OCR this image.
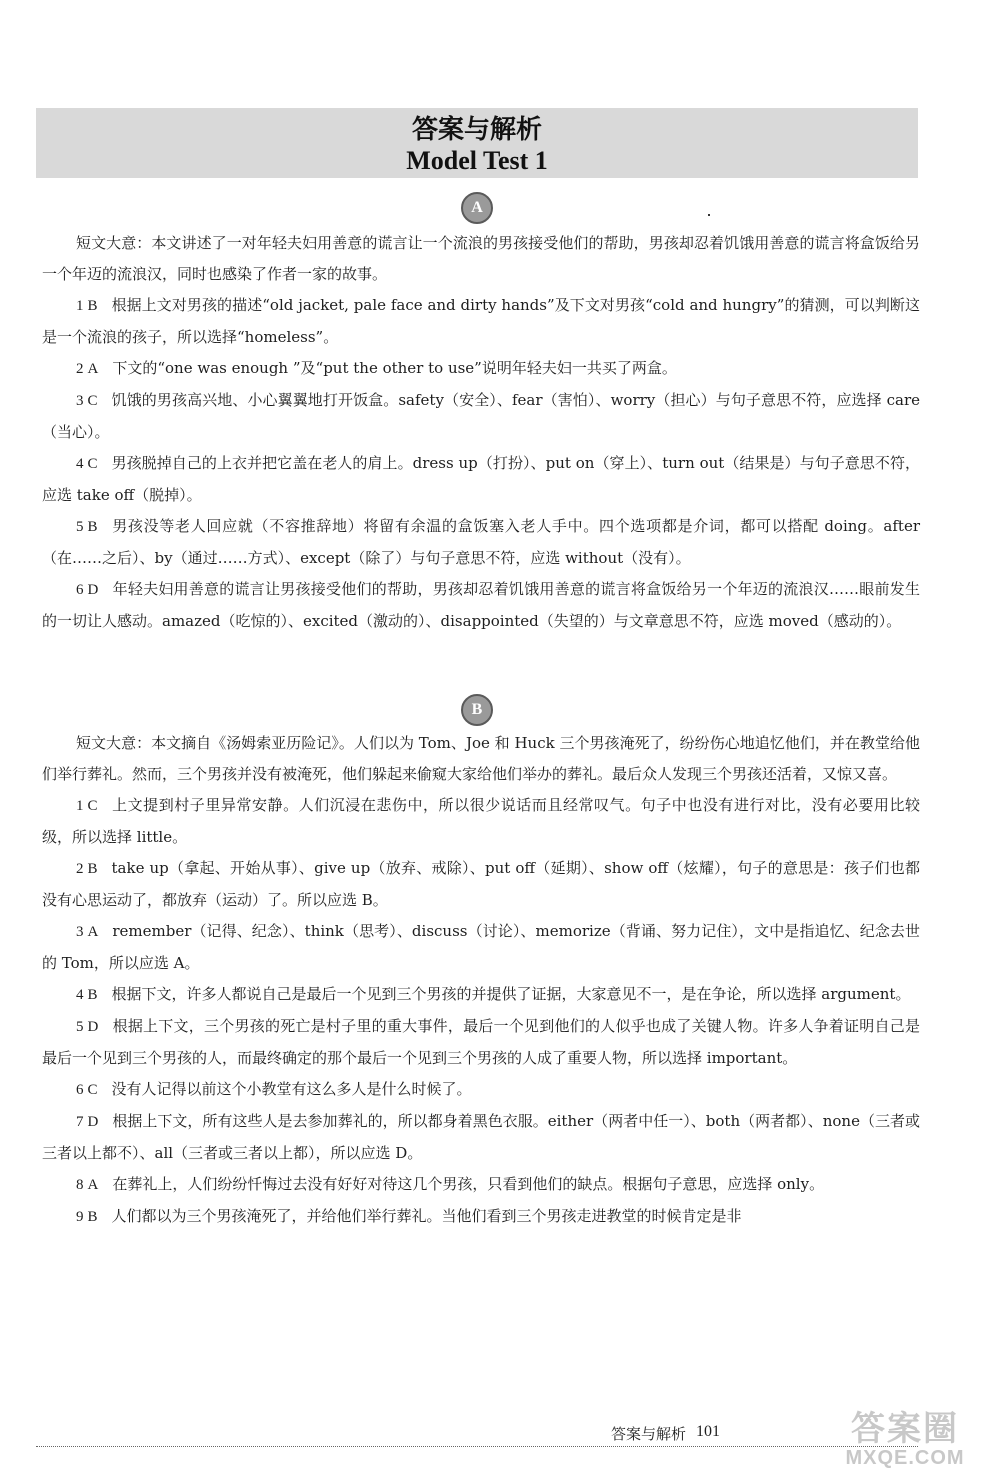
答案与解析
Model Test 1
A

短文大意：本文讲述了一对年轻夫妇用善意的谎言让一个流浪的男孩接受他们的帮助，男孩却忍着饥饿用善意的谎言将盒饭给另一个年迈的流浪汉，同时也感染了作者一家的故事。

1 B 根据上文对男孩的描述“old jacket, pale face and dirty hands”及下文对男孩“cold and hungry”的猜测，可以判断这是一个流浪的孩子，所以选择“homeless”。

2 A 下文的“one was enough ”及“put the other to use”说明年轻夫妇一共买了两盒。

3 C 饥饿的男孩高兴地、小心翼翼地打开饭盒。safety（安全）、fear（害怕）、worry（担心）与句子意思不符，应选择 care（当心）。

4 C 男孩脱掉自己的上衣并把它盖在老人的肩上。dress up（打扮）、put on（穿上）、turn out（结果是）与句子意思不符，应选 take off（脱掉）。

5 B 男孩没等老人回应就（不容推辞地）将留有余温的盒饭塞入老人手中。四个选项都是介词，都可以搭配 doing。after（在……之后）、by（通过……方式）、except（除了）与句子意思不符，应选 without（没有）。

6 D 年轻夫妇用善意的谎言让男孩接受他们的帮助，男孩却忍着饥饿用善意的谎言将盒饭给另一个年迈的流浪汉……眼前发生的一切让人感动。amazed（吃惊的）、excited（激动的）、disappointed（失望的）与文章意思不符，应选 moved（感动的）。

B

短文大意：本文摘自《汤姆索亚历险记》。人们以为 Tom、Joe 和 Huck 三个男孩淹死了，纷纷伤心地追忆他们，并在教堂给他们举行葬礼。然而，三个男孩并没有被淹死，他们躲起来偷窥大家给他们举办的葬礼。最后众人发现三个男孩还活着，又惊又喜。

1 C 上文提到村子里异常安静。人们沉浸在悲伤中，所以很少说话而且经常叹气。句子中也没有进行对比，没有必要用比较级，所以选择 little。

2 B take up（拿起、开始从事）、give up（放弃、戒除）、put off（延期）、show off（炫耀），句子的意思是：孩子们也都没有心思运动了，都放弃（运动）了。所以应选 B。

3 A remember（记得、纪念）、think（思考）、discuss（讨论）、memorize（背诵、努力记住），文中是指追忆、纪念去世的 Tom，所以应选 A。

4 B 根据下文，许多人都说自己是最后一个见到三个男孩的并提供了证据，大家意见不一，是在争论，所以选择 argument。

5 D 根据上下文，三个男孩的死亡是村子里的重大事件，最后一个见到他们的人似乎也成了关键人物。许多人争着证明自己是最后一个见到三个男孩的人，而最终确定的那个最后一个见到三个男孩的人成了重要人物，所以选择 important。

6 C 没有人记得以前这个小教堂有这么多人是什么时候了。

7 D 根据上下文，所有这些人是去参加葬礼的，所以都身着黑色衣服。either（两者中任一）、both（两者都）、none（三者或三者以上都不）、all（三者或三者以上都），所以应选 D。

8 A 在葬礼上，人们纷纷忏悔过去没有好好对待这几个男孩，只看到他们的缺点。根据句子意思，应选择 only。

9 B 人们都以为三个男孩淹死了，并给他们举行葬礼。当他们看到三个男孩走进教堂的时候肯定是非

答案与解析 101	答案圈
MXQE.COM
